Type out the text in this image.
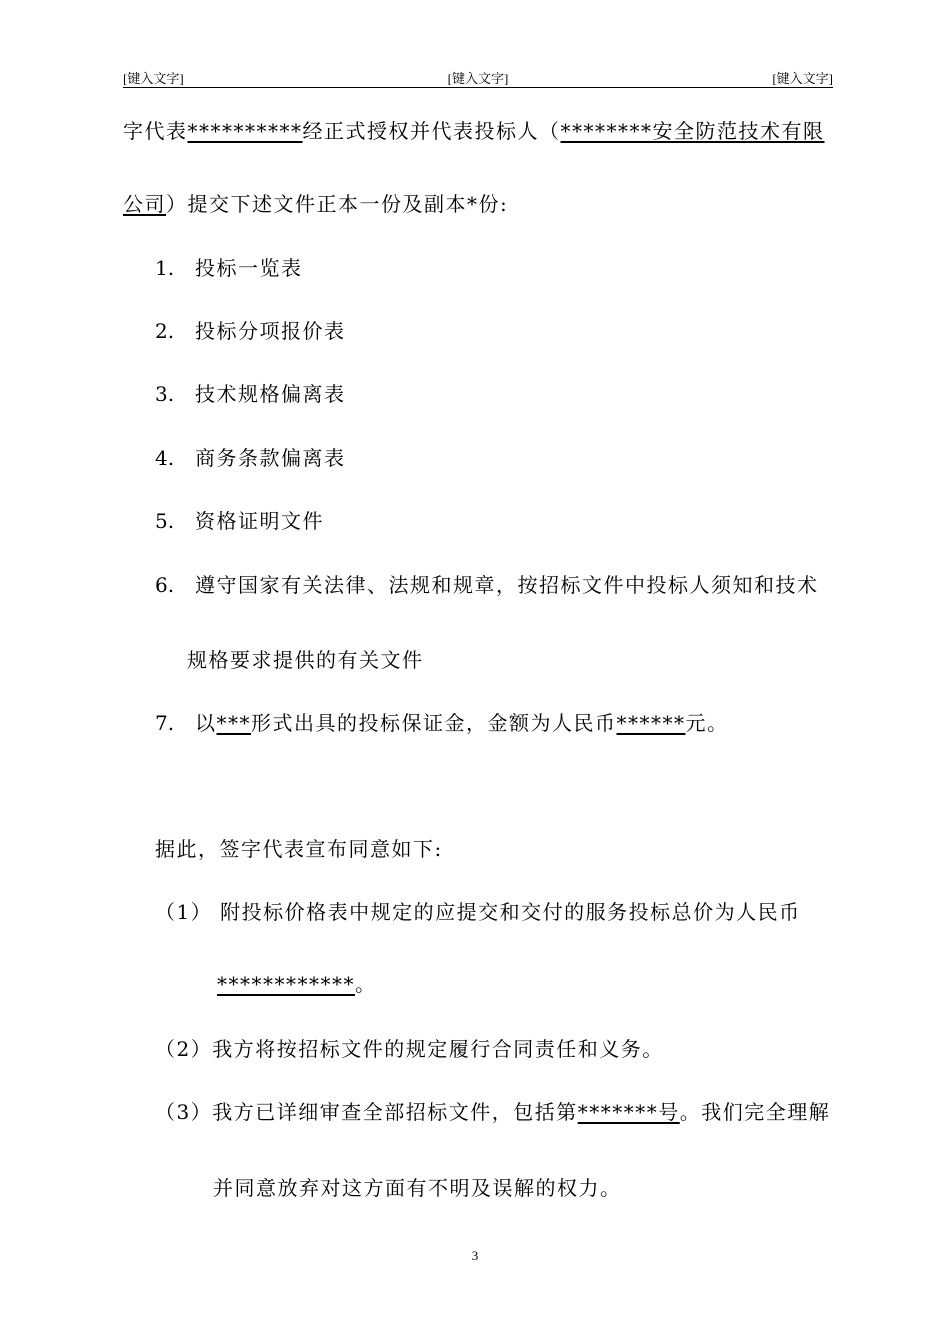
[键入文字]	[键入文字]	[键入文字]
字代表**********经正式授权并代表投标人（********安全防范技术有限
公司）提交下述文件正本一份及副本*份:
1. 投标一览表
2. 投标分项报价表
3. 技术规格偏离表
4. 商务条款偏离表
5. 资格证明文件
6. 遵守国家有关法律、法规和规章，按招标文件中投标人须知和技术
规格要求提供的有关文件
7. 以***形式出具的投标保证金，金额为人民币******元。
据此，签字代表宣布同意如下:
（1） 附投标价格表中规定的应提交和交付的服务投标总价为人民币
************。
（2）我方将按招标文件的规定履行合同责任和义务。
（3）我方已详细审查全部招标文件，包括第*******号。我们完全理解
并同意放弃对这方面有不明及误解的权力。
3
